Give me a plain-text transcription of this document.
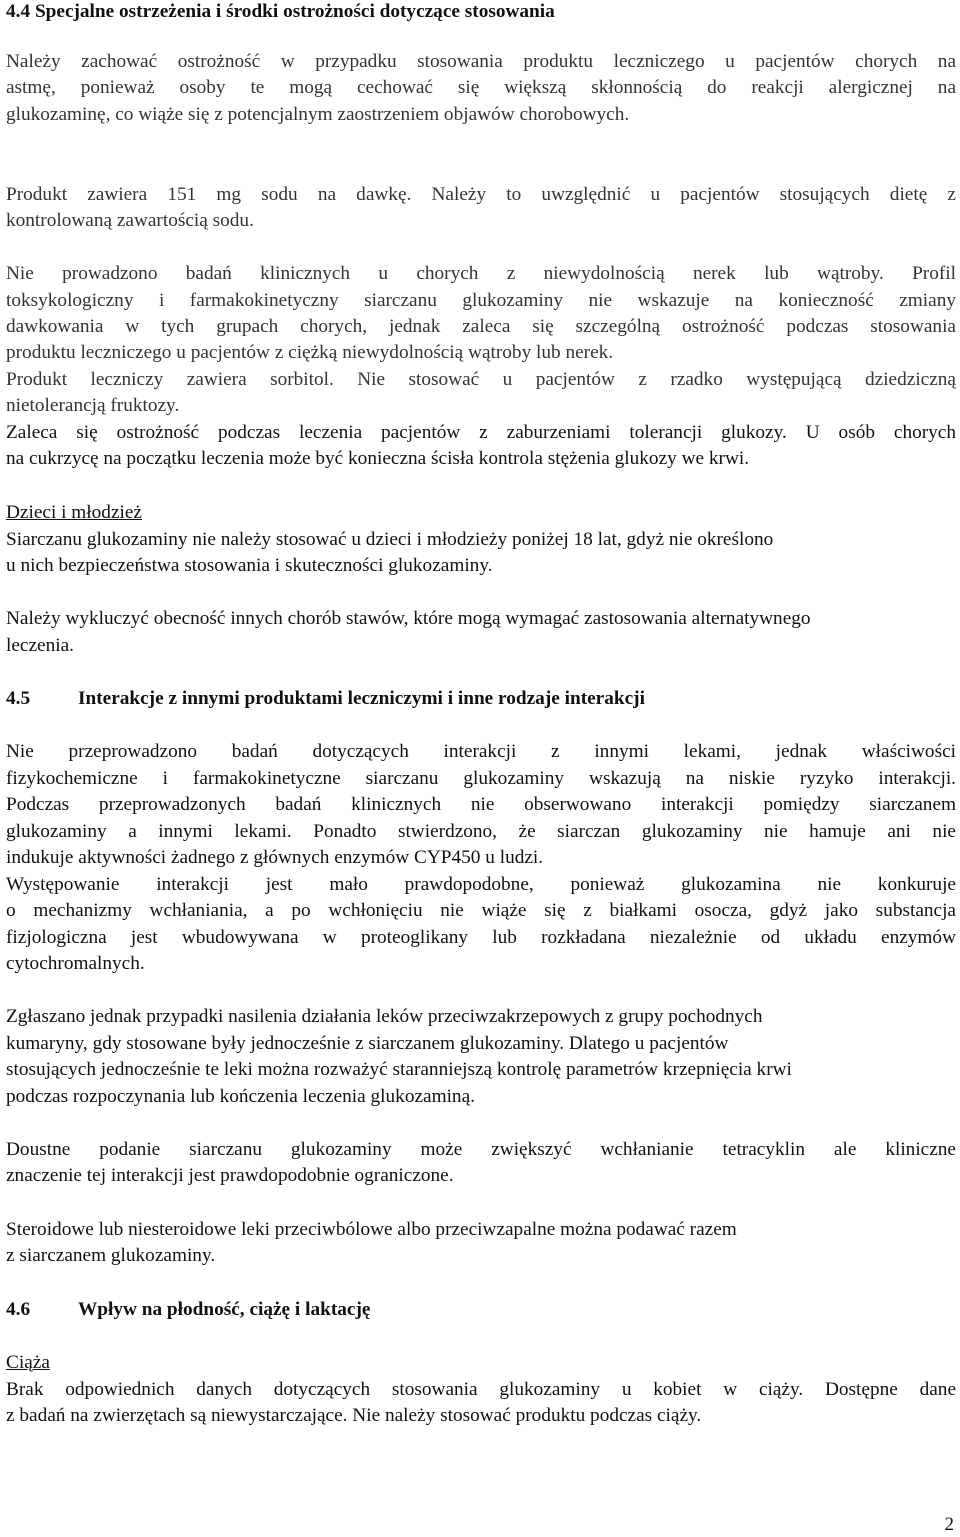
4.4 Specjalne ostrzeżenia i środki ostrożności dotyczące stosowania
Należy zachować ostrożność w przypadku stosowania produktu leczniczego u pacjentów chorych na
astmę, ponieważ osoby te mogą cechować się większą skłonnością do reakcji alergicznej na
glukozaminę, co wiąże się z potencjalnym zaostrzeniem objawów chorobowych.
Produkt zawiera 151 mg sodu na dawkę. Należy to uwzględnić u pacjentów stosujących dietę z
kontrolowaną zawartością sodu.
Nie prowadzono badań klinicznych u chorych z niewydolnością nerek lub wątroby. Profil
toksykologiczny i farmakokinetyczny siarczanu glukozaminy nie wskazuje na konieczność zmiany
dawkowania w tych grupach chorych, jednak zaleca się szczególną ostrożność podczas stosowania
produktu leczniczego u pacjentów z ciężką niewydolnością wątroby lub nerek.
Produkt leczniczy zawiera sorbitol. Nie stosować u pacjentów z rzadko występującą dziedziczną
nietolerancją fruktozy.
Zaleca się ostrożność podczas leczenia pacjentów z zaburzeniami tolerancji glukozy. U osób chorych
na cukrzycę na początku leczenia może być konieczna ścisła kontrola stężenia glukozy we krwi.
Dzieci i młodzież
Siarczanu glukozaminy nie należy stosować u dzieci i młodzieży poniżej 18 lat, gdyż nie określono
u nich bezpieczeństwa stosowania i skuteczności glukozaminy.
Należy wykluczyć obecność innych chorób stawów, które mogą wymagać zastosowania alternatywnego
leczenia.
4.5 Interakcje z innymi produktami leczniczymi i inne rodzaje interakcji
Nie przeprowadzono badań dotyczących interakcji z innymi lekami, jednak właściwości
fizykochemiczne i farmakokinetyczne siarczanu glukozaminy wskazują na niskie ryzyko interakcji.
Podczas przeprowadzonych badań klinicznych nie obserwowano interakcji pomiędzy siarczanem
glukozaminy a innymi lekami. Ponadto stwierdzono, że siarczan glukozaminy nie hamuje ani nie
indukuje aktywności żadnego z głównych enzymów CYP450 u ludzi.
Występowanie interakcji jest mało prawdopodobne, ponieważ glukozamina nie konkuruje
o mechanizmy wchłaniania, a po wchłonięciu nie wiąże się z białkami osocza, gdyż jako substancja
fizjologiczna jest wbudowywana w proteoglikany lub rozkładana niezależnie od układu enzymów
cytochromalnych.
Zgłaszano jednak przypadki nasilenia działania leków przeciwzakrzepowych z grupy pochodnych
kumaryny, gdy stosowane były jednocześnie z siarczanem glukozaminy. Dlatego u pacjentów
stosujących jednocześnie te leki można rozważyć staranniejszą kontrolę parametrów krzepnięcia krwi
podczas rozpoczynania lub kończenia leczenia glukozaminą.
Doustne podanie siarczanu glukozaminy może zwiększyć wchłanianie tetracyklin ale kliniczne
znaczenie tej interakcji jest prawdopodobnie ograniczone.
Steroidowe lub niesteroidowe leki przeciwbólowe albo przeciwzapalne można podawać razem
z siarczanem glukozaminy.
4.6 Wpływ na płodność, ciążę i laktację
Ciąża
Brak odpowiednich danych dotyczących stosowania glukozaminy u kobiet w ciąży. Dostępne dane
z badań na zwierzętach są niewystarczające. Nie należy stosować produktu podczas ciąży.
2
